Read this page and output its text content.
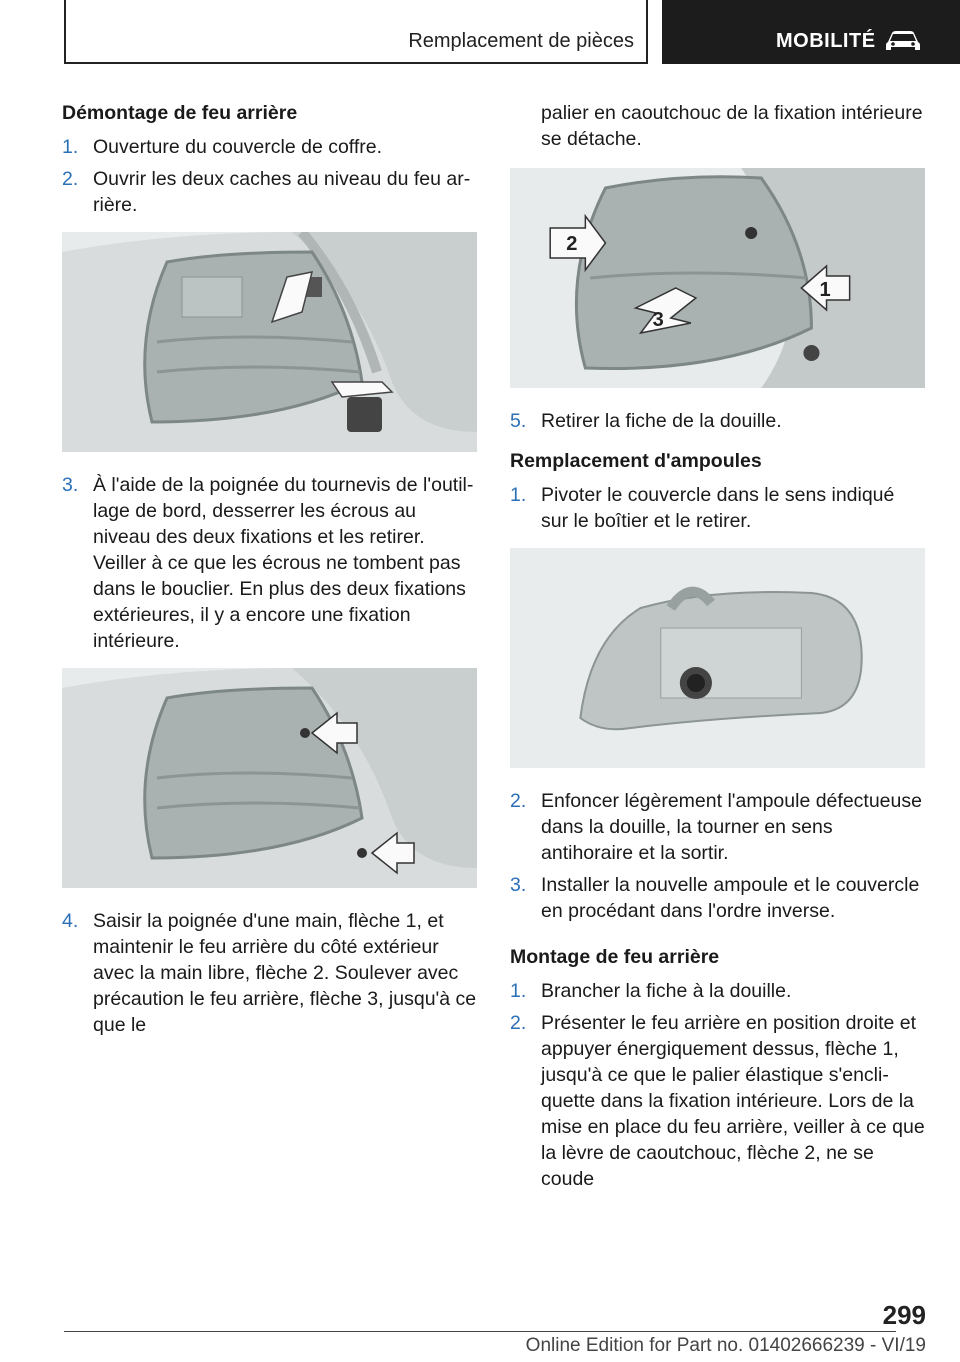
Remplacement de pièces	MOBILITÉ
Démontage de feu arrière
1. Ouverture du couvercle de coffre.
2. Ouvrir les deux caches au niveau du feu arrière.
3. À l'aide de la poignée du tournevis de l'outillage de bord, desserrer les écrous au niveau des deux fixations et les retirer. Veiller à ce que les écrous ne tombent pas dans le bouclier. En plus des deux fixations extérieures, il y a encore une fixation intérieure.
4. Saisir la poignée d'une main, flèche 1, et maintenir le feu arrière du côté extérieur avec la main libre, flèche 2. Soulever avec précaution le feu arrière, flèche 3, jusqu'à ce que le

palier en caoutchouc de la fixation intérieure se détache.

2
1
3
5. Retirer la fiche de la douille.
Remplacement d'ampoules
1. Pivoter le couvercle dans le sens indiqué sur le boîtier et le retirer.
2. Enfoncer légèrement l'ampoule défectueuse dans la douille, la tourner en sens antihoraire et la sortir.
3. Installer la nouvelle ampoule et le couvercle en procédant dans l'ordre inverse.
Montage de feu arrière
1. Brancher la fiche à la douille.
2. Présenter le feu arrière en position droite et appuyer énergiquement dessus, flèche 1, jusqu'à ce que le palier élastique s'encliquette dans la fixation intérieure. Lors de la mise en place du feu arrière, veiller à ce que la lèvre de caoutchouc, flèche 2, ne se coude
299
Online Edition for Part no. 01402666239 - VI/19
